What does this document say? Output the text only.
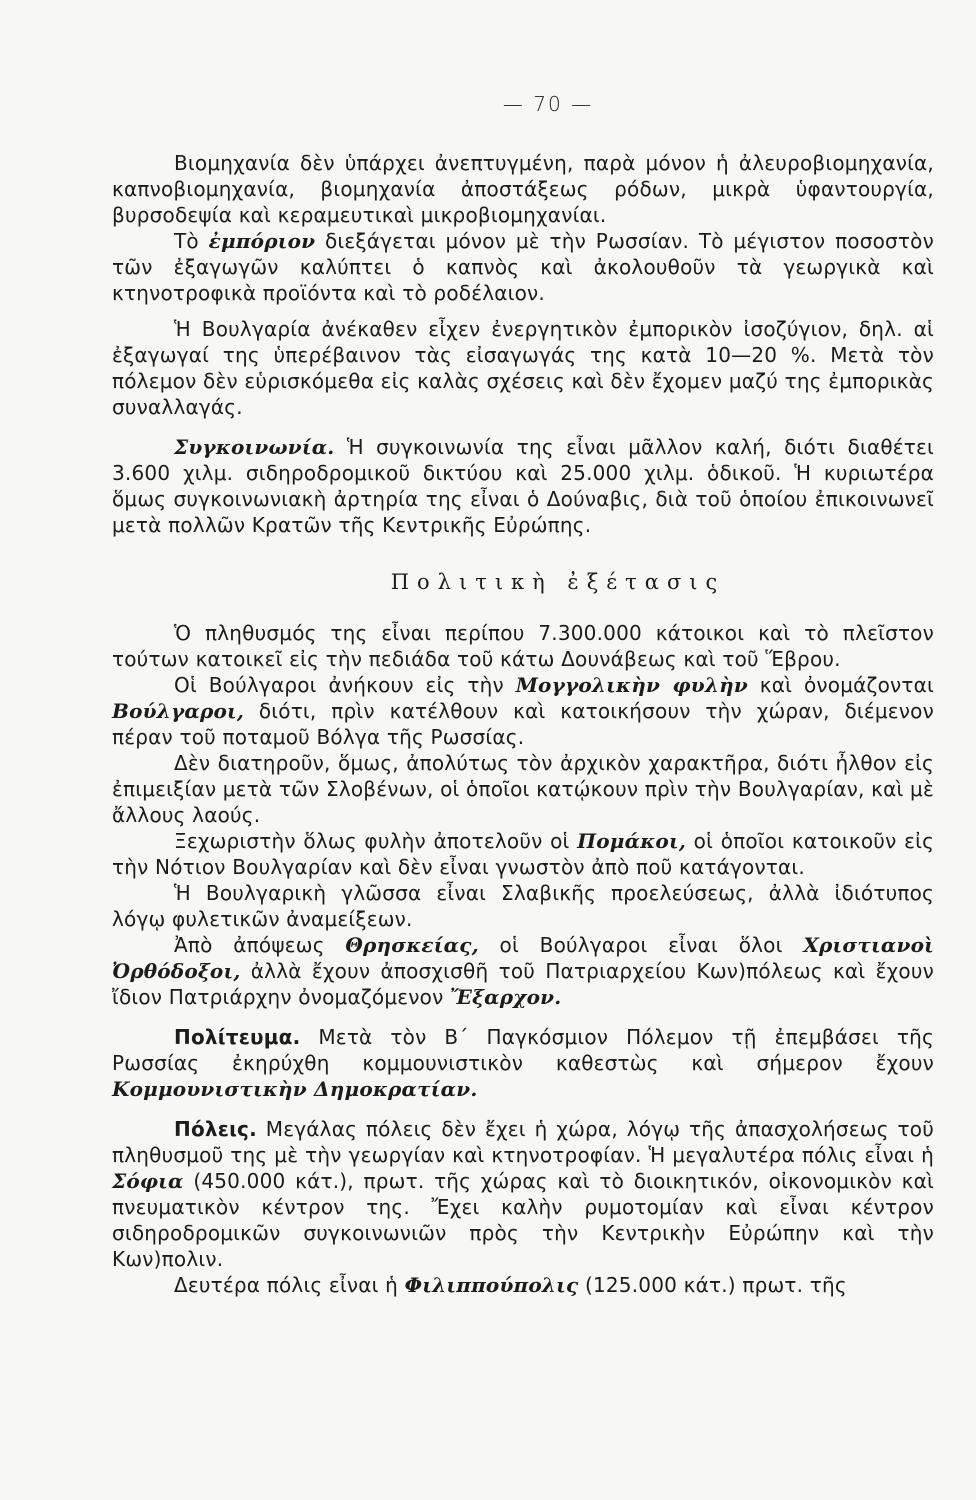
— 70 —

Βιομηχανία δὲν ὑπάρχει ἀνεπτυγμένη, παρὰ μόνον ἡ ἀλευροβιομηχανία, καπνοβιομηχανία, βιομηχανία ἀποστάξεως ρόδων, μικρὰ ὑφαντουργία, βυρσοδεψία καὶ κεραμευτικαὶ μικροβιομηχανίαι.

Τὸ ἐμπόριον διεξάγεται μόνον μὲ τὴν Ρωσσίαν. Τὸ μέγιστον ποσοστὸν τῶν ἐξαγωγῶν καλύπτει ὁ καπνὸς καὶ ἀκολουθοῦν τὰ γεωργικὰ καὶ κτηνοτροφικὰ προϊόντα καὶ τὸ ροδέλαιον.

Ἡ Βουλγαρία ἀνέκαθεν εἶχεν ἐνεργητικὸν ἐμπορικὸν ἰσοζύγιον, δηλ. αἱ ἐξαγωγαί της ὑπερέβαινον τὰς εἰσαγωγάς της κατὰ 10—20 %. Μετὰ τὸν πόλεμον δὲν εὑρισκόμεθα εἰς καλὰς σχέσεις καὶ δὲν ἔχομεν μαζύ της ἐμπορικὰς συναλλαγάς.

Συγκοινωνία. Ἡ συγκοινωνία της εἶναι μᾶλλον καλή, διότι διαθέτει 3.600 χιλμ. σιδηροδρομικοῦ δικτύου καὶ 25.000 χιλμ. ὁδικοῦ. Ἡ κυριωτέρα ὅμως συγκοινωνιακὴ ἀρτηρία της εἶναι ὁ Δούναβις, διὰ τοῦ ὁποίου ἐπικοινωνεῖ μετὰ πολλῶν Κρατῶν τῆς Κεντρικῆς Εὐρώπης.

Πολιτικὴ ἐξέτασις

Ὁ πληθυσμός της εἶναι περίπου 7.300.000 κάτοικοι καὶ τὸ πλεῖστον τούτων κατοικεῖ εἰς τὴν πεδιάδα τοῦ κάτω Δουνάβεως καὶ τοῦ Ἕβρου.

Οἱ Βούλγαροι ἀνήκουν εἰς τὴν Μογγολικὴν φυλὴν καὶ ὀνομάζονται Βούλγαροι, διότι, πρὶν κατέλθουν καὶ κατοικήσουν τὴν χώραν, διέμενον πέραν τοῦ ποταμοῦ Βόλγα τῆς Ρωσσίας.

Δὲν διατηροῦν, ὅμως, ἀπολύτως τὸν ἀρχικὸν χαρακτῆρα, διότι ἦλθον εἰς ἐπιμειξίαν μετὰ τῶν Σλοβένων, οἱ ὁποῖοι κατῴκουν πρὶν τὴν Βουλγαρίαν, καὶ μὲ ἄλλους λαούς.

Ξεχωριστὴν ὅλως φυλὴν ἀποτελοῦν οἱ Πομάκοι, οἱ ὁποῖοι κατοικοῦν εἰς τὴν Νότιον Βουλγαρίαν καὶ δὲν εἶναι γνωστὸν ἀπὸ ποῦ κατάγονται.

Ἡ Βουλγαρικὴ γλῶσσα εἶναι Σλαβικῆς προελεύσεως, ἀλλὰ ἰδιότυπος λόγῳ φυλετικῶν ἀναμείξεων.

Ἀπὸ ἀπόψεως Θρησκείας, οἱ Βούλγαροι εἶναι ὅλοι Χριστιανοὶ Ὀρθόδοξοι, ἀλλὰ ἔχουν ἀποσχισθῆ τοῦ Πατριαρχείου Κων)πόλεως καὶ ἔχουν ἴδιον Πατριάρχην ὀνομαζόμενον Ἔξαρχον.

Πολίτευμα. Μετὰ τὸν Β΄ Παγκόσμιον Πόλεμον τῇ ἐπεμβάσει τῆς Ρωσσίας ἐκηρύχθη κομμουνιστικὸν καθεστὼς καὶ σήμερον ἔχουν Κομμουνιστικὴν Δημοκρατίαν.

Πόλεις. Μεγάλας πόλεις δὲν ἔχει ἡ χώρα, λόγῳ τῆς ἀπασχολήσεως τοῦ πληθυσμοῦ της μὲ τὴν γεωργίαν καὶ κτηνοτροφίαν. Ἡ μεγαλυτέρα πόλις εἶναι ἡ Σόφια (450.000 κάτ.), πρωτ. τῆς χώρας καὶ τὸ διοικητικόν, οἰκονομικὸν καὶ πνευματικὸν κέντρον της. Ἔχει καλὴν ρυμοτομίαν καὶ εἶναι κέντρον σιδηροδρομικῶν συγκοινωνιῶν πρὸς τὴν Κεντρικὴν Εὐρώπην καὶ τὴν Κων)πολιν.

Δευτέρα πόλις εἶναι ἡ Φιλιππούπολις (125.000 κάτ.) πρωτ. τῆς
